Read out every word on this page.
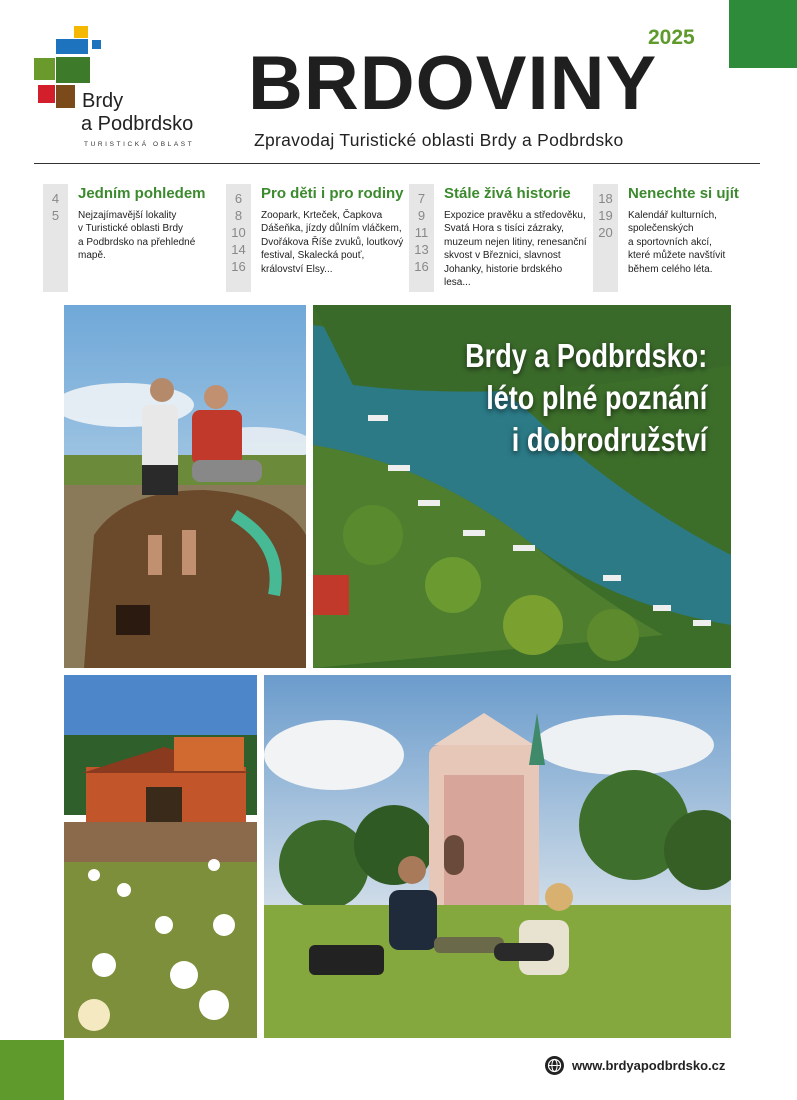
Brdy
a Podbrdsko
TURISTICKÁ OBLAST
2025
BRDOVINY
Zpravodaj Turistické oblasti Brdy a Podbrdsko
4
5
Jedním pohledem
Nejzajímavější lokality
v Turistické oblasti Brdy
a Podbrdsko na přehledné
mapě.
6
8
10
14
16
Pro děti i pro rodiny
Zoopark, Krteček, Čapkova
Dášeňka, jízdy důlním vláčkem,
Dvořákova Říše zvuků, loutkový
festival, Skalecká pouť,
království Elsy...
7
9
11
13
16
Stále živá historie
Expozice pravěku a středověku,
Svatá Hora s tisíci zázraky,
muzeum nejen litiny, renesanční
skvost v Březnici, slavnost
Johanky, historie brdského
lesa...
18
19
20
Nenechte si ujít
Kalendář kulturních,
společenských
a sportovních akcí,
které můžete navštívit
během celého léta.
Brdy a Podbrdsko:
léto plné poznání
i dobrodružství
www.brdyapodbrdsko.cz
